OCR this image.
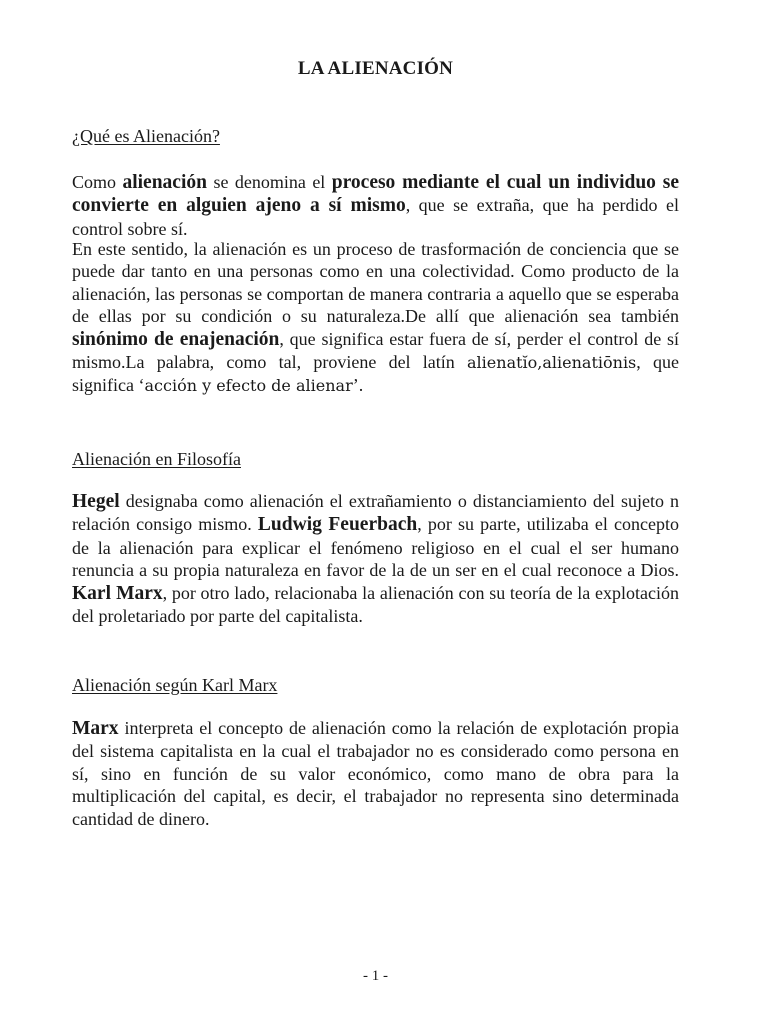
LA ALIENACIÓN
¿Qué es Alienación?

Como alienación se denomina el proceso mediante el cual un individuo se convierte en alguien ajeno a sí mismo, que se extraña, que ha perdido el control sobre sí.

En este sentido, la alienación es un proceso de trasformación de conciencia que se puede dar tanto en una personas como en una colectividad. Como producto de la alienación, las personas se comportan de manera contraria a aquello que se esperaba de ellas por su condición o su naturaleza.De allí que alienación sea también sinónimo de enajenación, que significa estar fuera de sí, perder el control de sí mismo.La palabra, como tal, proviene del latín alienatĭo,alienatiōnis, que significa ‘acción y efecto de alienar’.

Alienación en Filosofía

Hegel designaba como alienación el extrañamiento o distanciamiento del sujeto n relación consigo mismo. Ludwig Feuerbach, por su parte, utilizaba el concepto de la alienación para explicar el fenómeno religioso en el cual el ser humano renuncia a su propia naturaleza en favor de la de un ser en el cual reconoce a Dios. Karl Marx, por otro lado, relacionaba la alienación con su teoría de la explotación del proletariado por parte del capitalista.

Alienación según Karl Marx

Marx interpreta el concepto de alienación como la relación de explotación propia del sistema capitalista en la cual el trabajador no es considerado como persona en sí, sino en función de su valor económico, como mano de obra para la multiplicación del capital, es decir, el trabajador no representa sino determinada cantidad de dinero.

- 1 -
